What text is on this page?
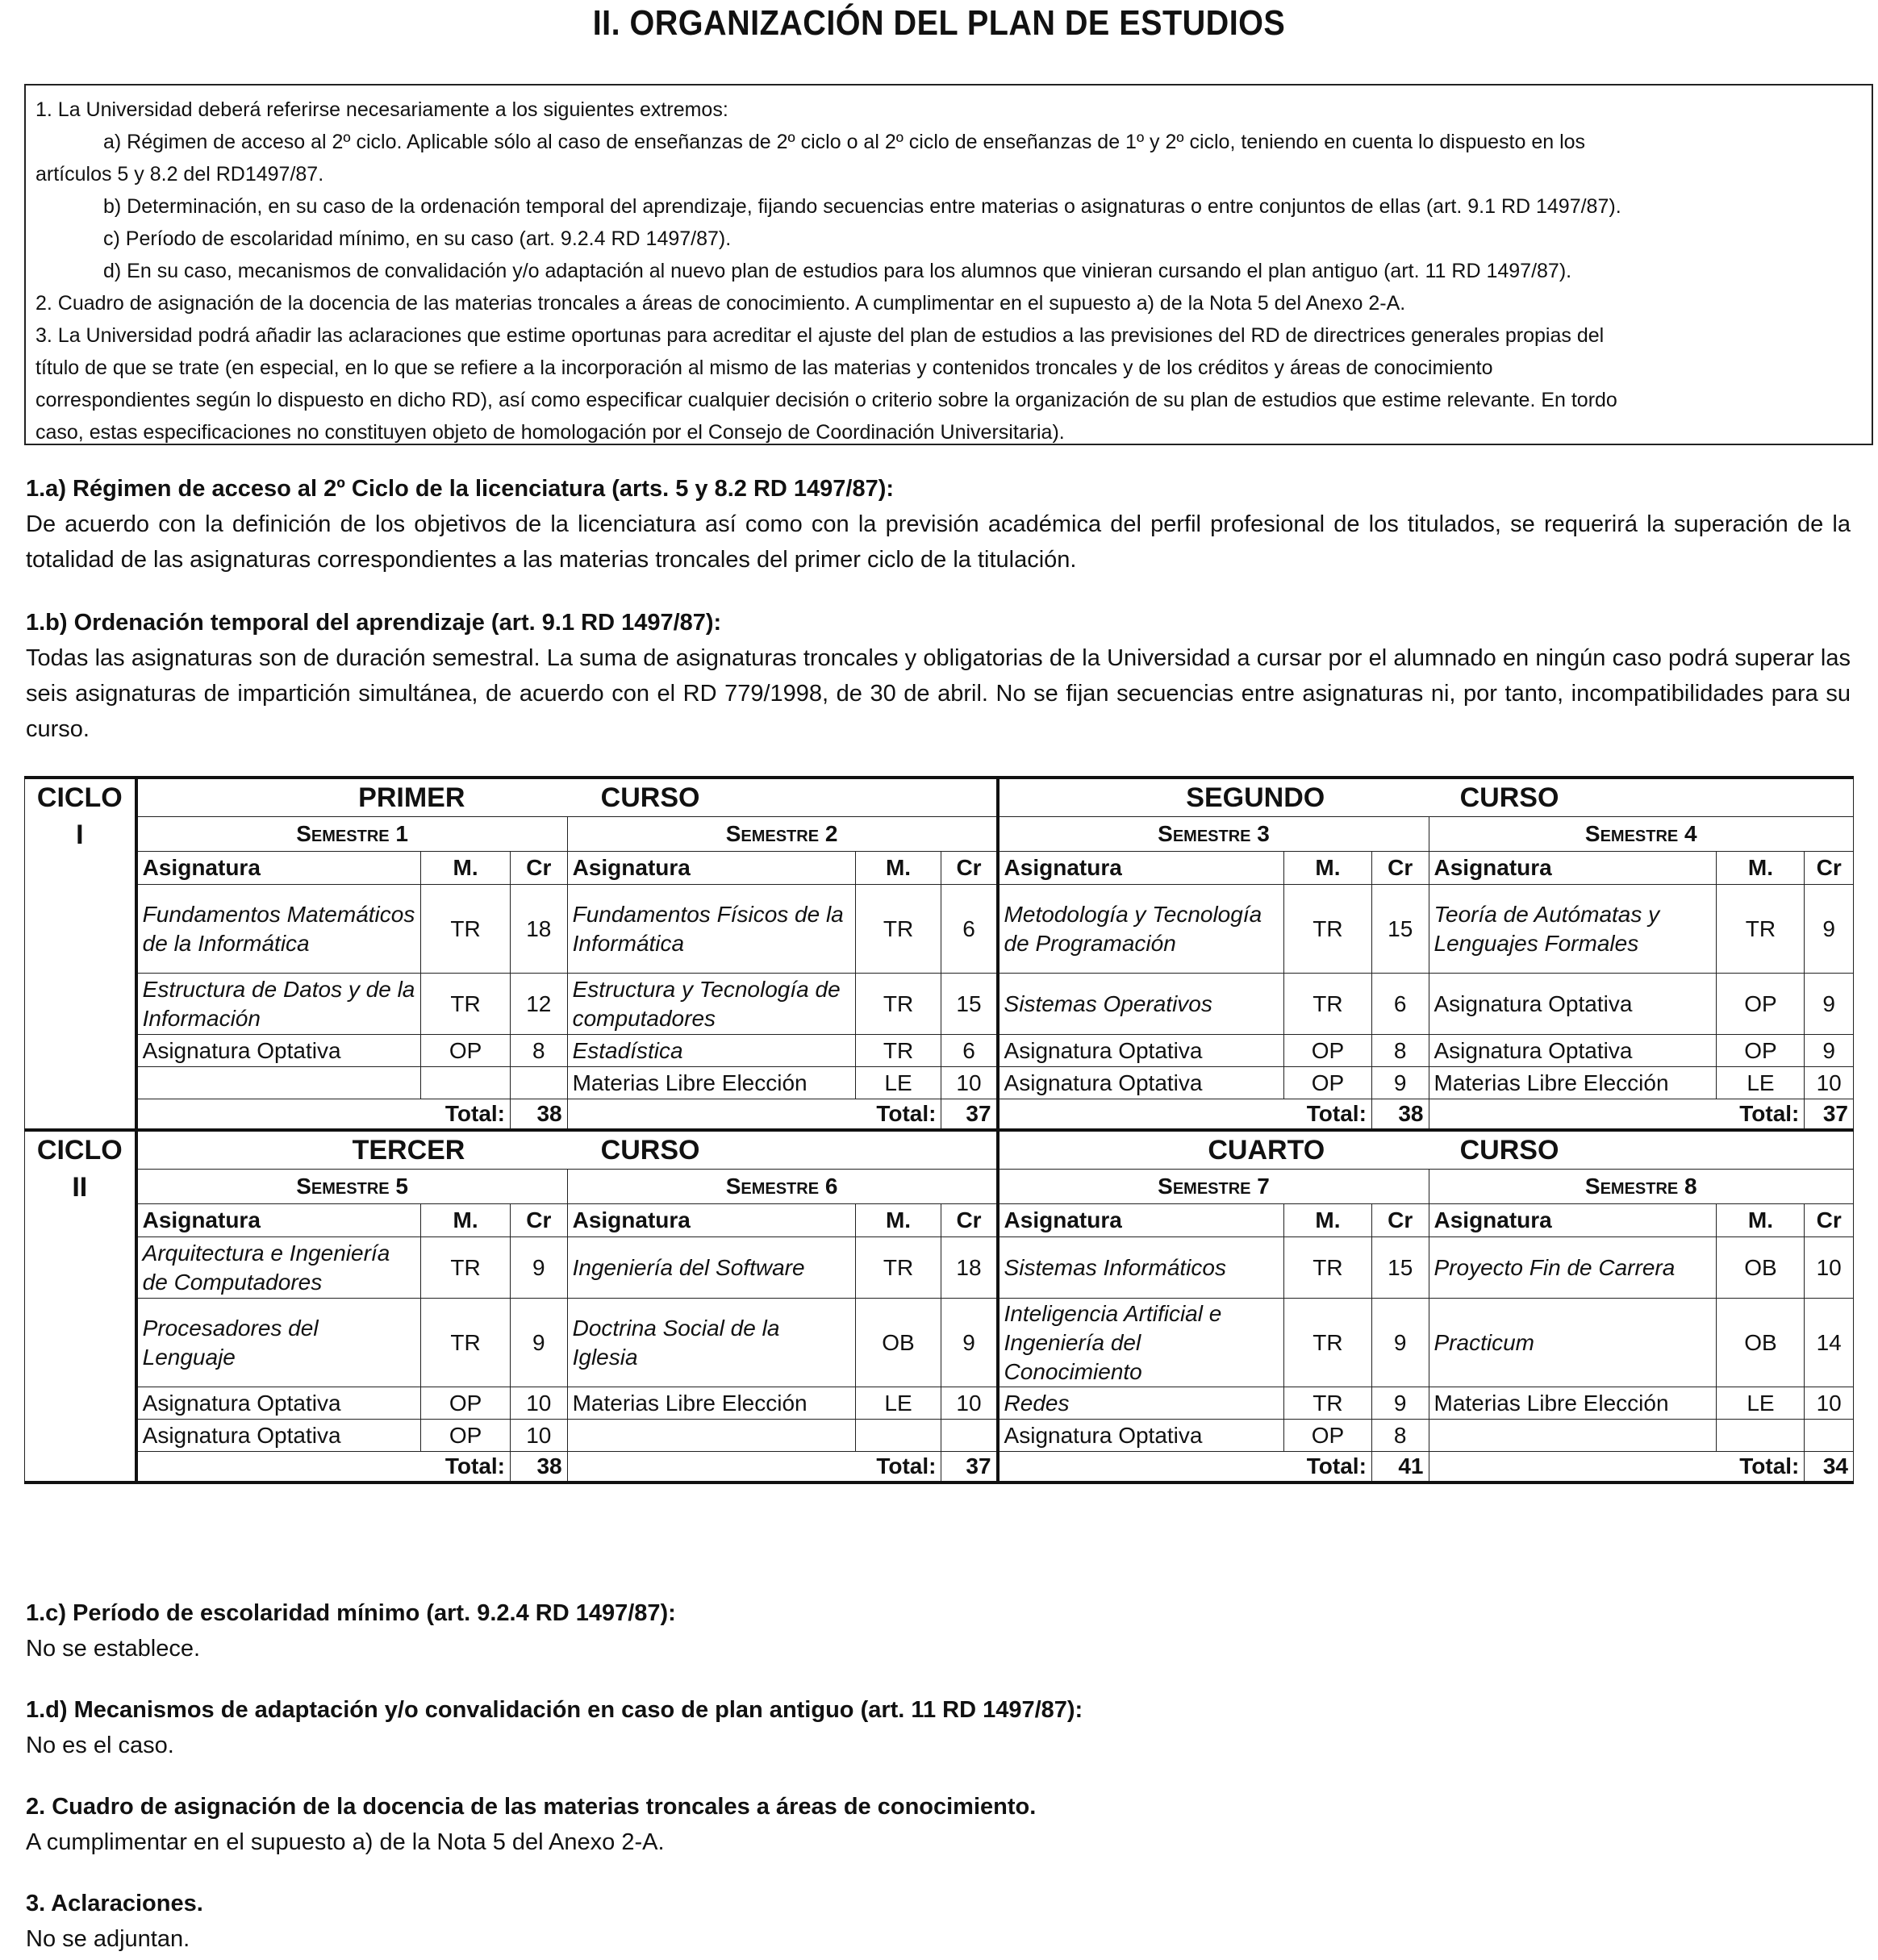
II. ORGANIZACIÓN DEL PLAN DE ESTUDIOS
1. La Universidad deberá referirse necesariamente a los siguientes extremos:
a) Régimen de acceso al 2º ciclo. Aplicable sólo al caso de enseñanzas de 2º ciclo o al 2º ciclo de enseñanzas de 1º y 2º ciclo, teniendo en cuenta lo dispuesto en los
artículos 5 y 8.2 del RD1497/87.
b) Determinación, en su caso de la ordenación temporal del aprendizaje, fijando secuencias entre materias o asignaturas o entre conjuntos de ellas (art. 9.1 RD 1497/87).
c) Período de escolaridad mínimo, en su caso (art. 9.2.4 RD 1497/87).
d) En su caso, mecanismos de convalidación y/o adaptación al nuevo plan de estudios para los alumnos que vinieran cursando el plan antiguo (art. 11 RD 1497/87).
2. Cuadro de asignación de la docencia de las materias troncales a áreas de conocimiento. A cumplimentar en el supuesto a) de la Nota 5 del Anexo 2-A.
3. La Universidad podrá añadir las aclaraciones que estime oportunas para acreditar el ajuste del plan de estudios a las previsiones del RD de directrices generales propias del
título de que se trate (en especial, en lo que se refiere a la incorporación al mismo de las materias y contenidos troncales y de los créditos y áreas de conocimiento
correspondientes según lo dispuesto en dicho RD), así como especificar cualquier decisión o criterio sobre la organización de su plan de estudios que estime relevante. En tordo
caso, estas especificaciones no constituyen objeto de homologación por el Consejo de Coordinación Universitaria).
1.a) Régimen de acceso al 2º Ciclo de la licenciatura (arts. 5 y 8.2 RD 1497/87):
De acuerdo con la definición de los objetivos de la licenciatura así como con la previsión académica del perfil profesional de los titulados, se requerirá la superación de la totalidad de las asignaturas correspondientes a las materias troncales del primer ciclo de la titulación.
1.b) Ordenación temporal del aprendizaje (art. 9.1 RD 1497/87):
Todas las asignaturas son de duración semestral. La suma de asignaturas troncales y obligatorias de la Universidad a cursar por el alumnado en ningún caso podrá superar las seis asignaturas de impartición simultánea, de acuerdo con el RD 779/1998, de 30 de abril. No se fijan secuencias entre asignaturas ni, por tanto, incompatibilidades para su curso.
CICLO
I	PRIMER CURSO						SEGUNDO CURSO					
	Semestre 1			Semestre 2			Semestre 3			Semestre 4		
	Asignatura	M.	Cr	Asignatura	M.	Cr	Asignatura	M.	Cr	Asignatura	M.	Cr
	Fundamentos Matemáticos de la Informática	TR	18	Fundamentos Físicos de la Informática	TR	6	Metodología y Tecnología de Programación	TR	15	Teoría de Autómatas y Lenguajes Formales	TR	9
	Estructura de Datos y de la Información	TR	12	Estructura y Tecnología de computadores	TR	15	Sistemas Operativos	TR	6	Asignatura Optativa	OP	9
	Asignatura Optativa	OP	8	Estadística	TR	6	Asignatura Optativa	OP	8	Asignatura Optativa	OP	9
				Materias Libre Elección	LE	10	Asignatura Optativa	OP	9	Materias Libre Elección	LE	10
	Total:		38	Total:		37	Total:		38	Total:		37

CICLO
II	TERCER CURSO						CUARTO CURSO					
	Semestre 5			Semestre 6			Semestre 7			Semestre 8		
	Asignatura	M.	Cr	Asignatura	M.	Cr	Asignatura	M.	Cr	Asignatura	M.	Cr
	Arquitectura e Ingeniería de Computadores	TR	9	Ingeniería del Software	TR	18	Sistemas Informáticos	TR	15	Proyecto Fin de Carrera	OB	10
	Procesadores del Lenguaje	TR	9	Doctrina Social de la Iglesia	OB	9	Inteligencia Artificial e Ingeniería del Conocimiento	TR	9	Practicum	OB	14
	Asignatura Optativa	OP	10	Materias Libre Elección	LE	10	Redes	TR	9	Materias Libre Elección	LE	10
	Asignatura Optativa	OP	10				Asignatura Optativa	OP	8			
	Total:		38	Total:		37	Total:		41	Total:		34
1.c) Período de escolaridad mínimo (art. 9.2.4 RD 1497/87):
No se establece.
1.d) Mecanismos de adaptación y/o convalidación en caso de plan antiguo (art. 11 RD 1497/87):
No es el caso.
2. Cuadro de asignación de la docencia de las materias troncales a áreas de conocimiento.
A cumplimentar en el supuesto a) de la Nota 5 del Anexo 2-A.
3. Aclaraciones.
No se adjuntan.
